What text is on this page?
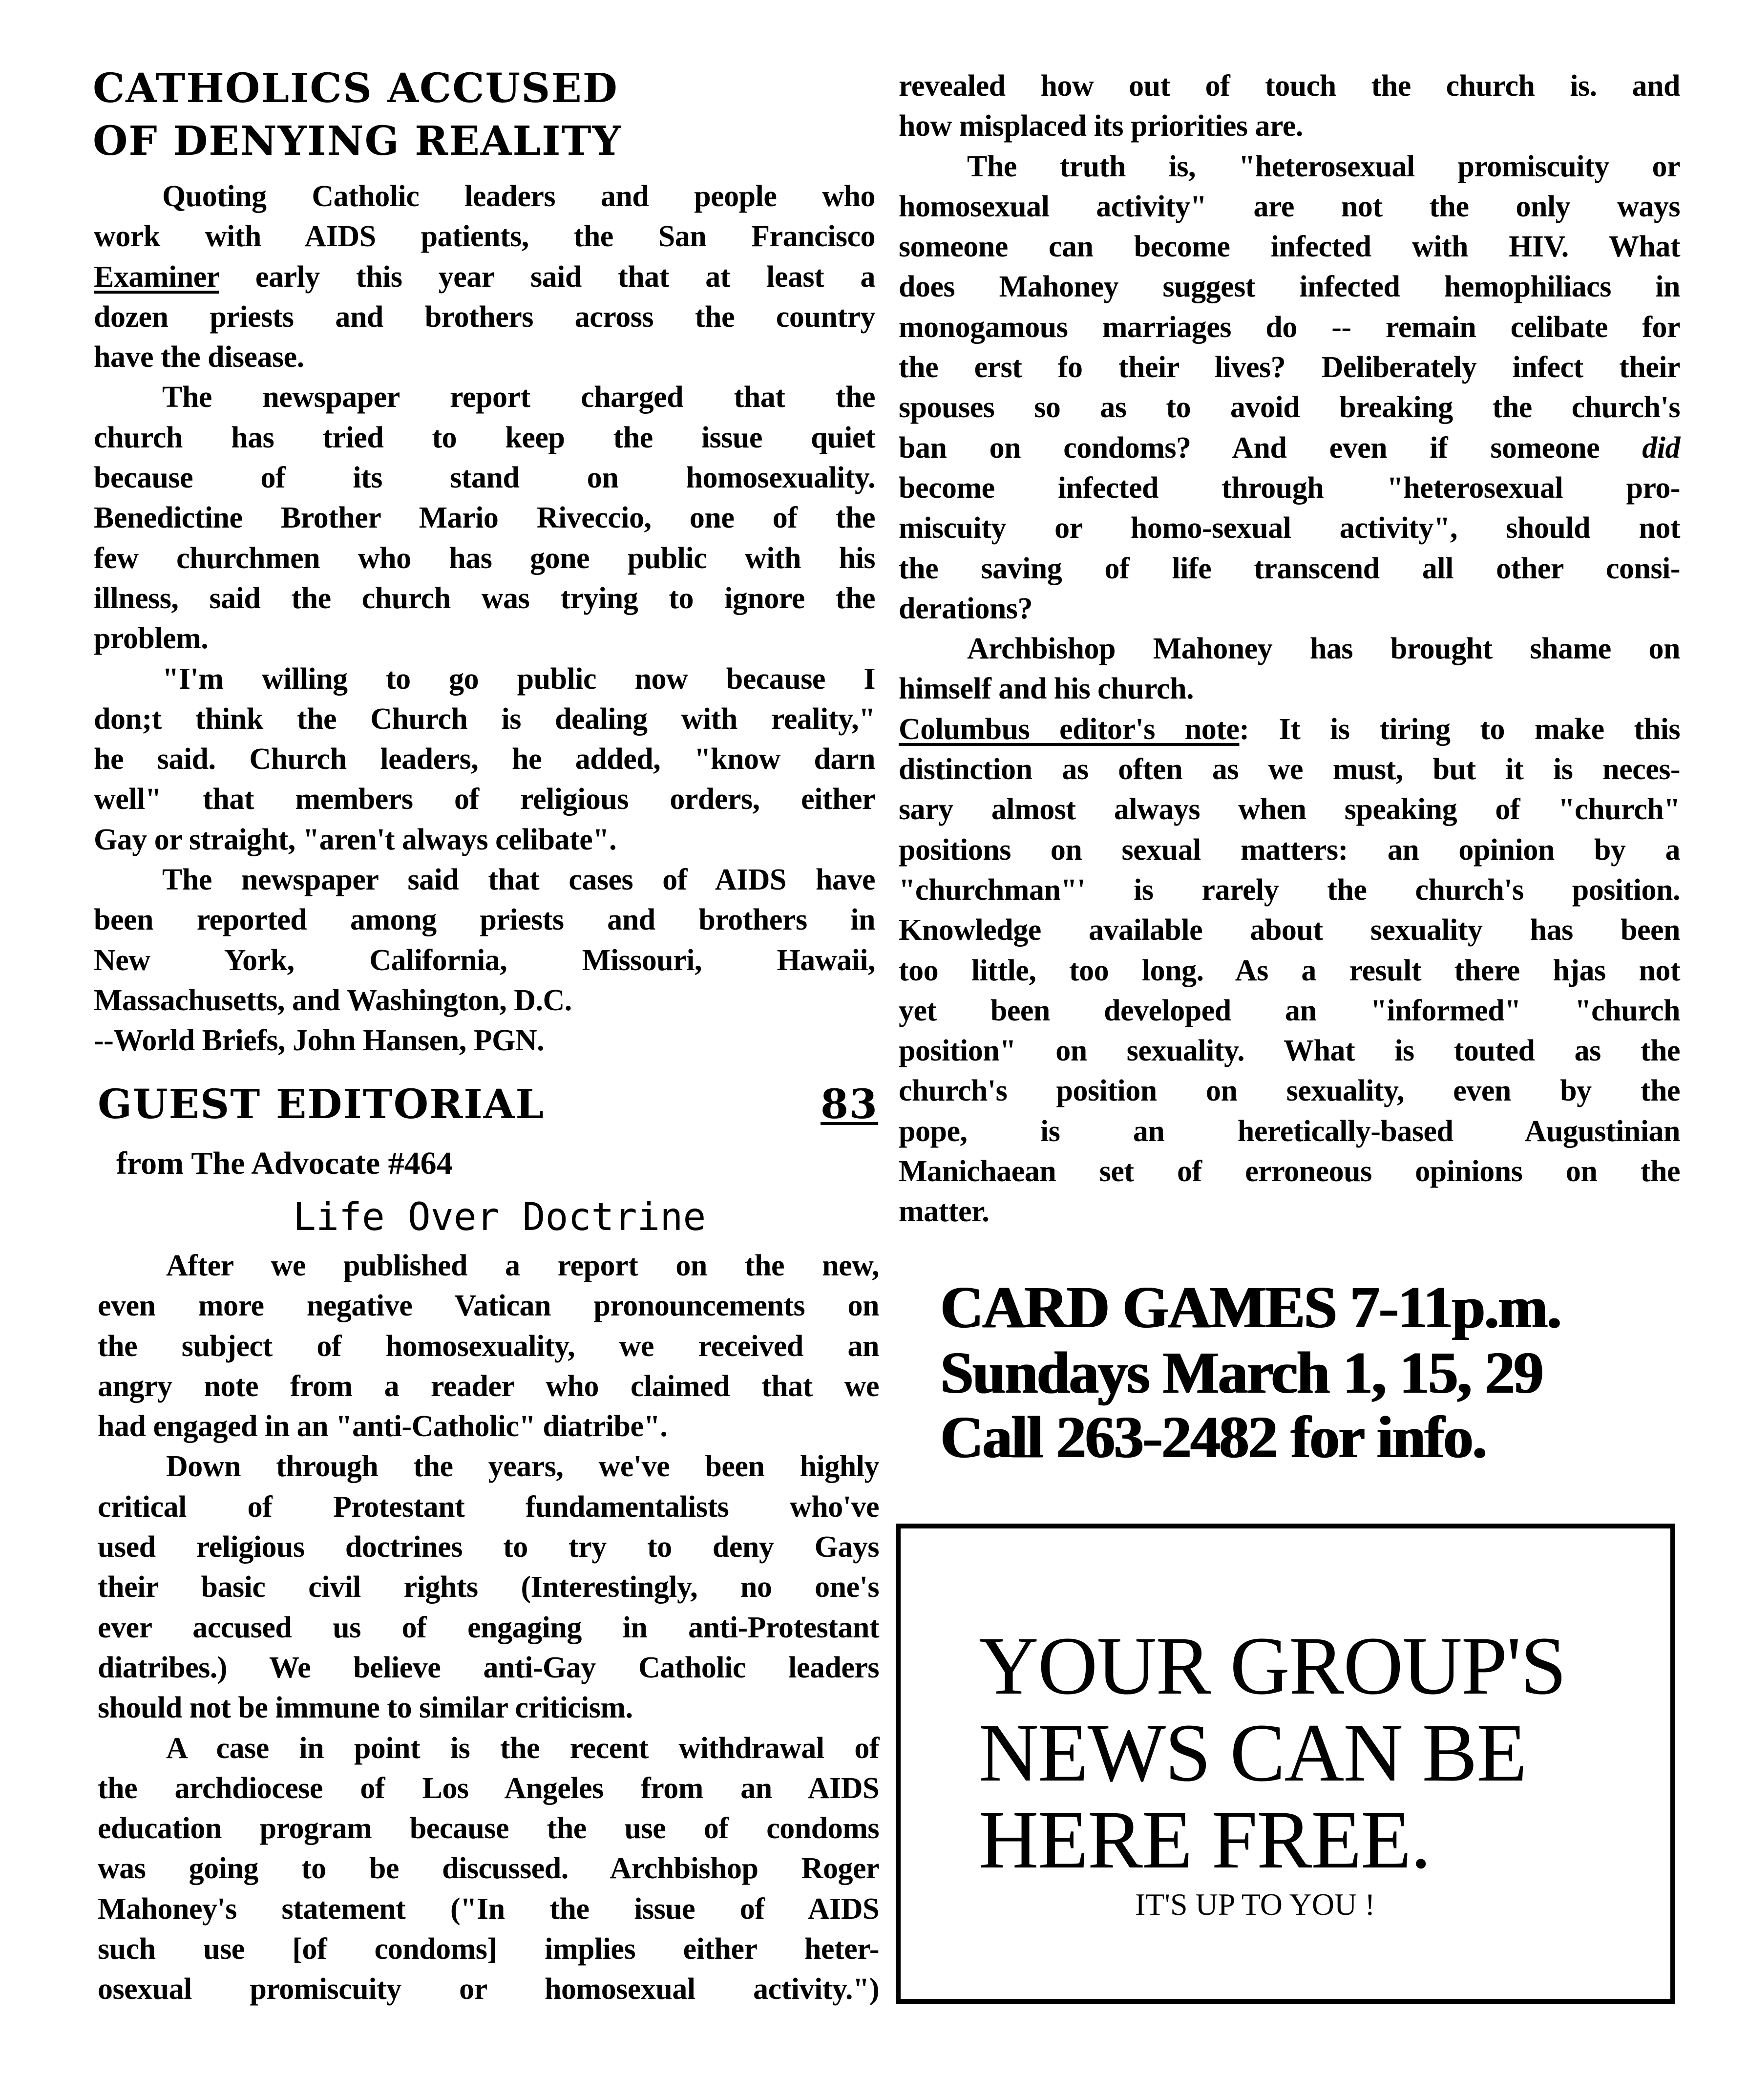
CATHOLICS ACCUSED
OF DENYING REALITY
Quoting Catholic leaders and people who
work with AIDS patients, the San Francisco
Examiner early this year said that at least a
dozen priests and brothers across the country
have the disease.
The newspaper report charged that the
church has tried to keep the issue quiet
because of its stand on homosexuality.
Benedictine Brother Mario Riveccio, one of the
few churchmen who has gone public with his
illness, said the church was trying to ignore the
problem.
"I'm willing to go public now because I
don;t think the Church is dealing with reality,"
he said. Church leaders, he added, "know darn
well" that members of religious orders, either
Gay or straight, "aren't always celibate".
The newspaper said that cases of AIDS have
been reported among priests and brothers in
New York, California, Missouri, Hawaii,
Massachusetts, and Washington, D.C.
--World Briefs, John Hansen, PGN.
GUEST EDITORIAL	83
from The Advocate #464
Life Over Doctrine
After we published a report on the new,
even more negative Vatican pronouncements on
the subject of homosexuality, we received an
angry note from a reader who claimed that we
had engaged in an "anti-Catholic" diatribe".
Down through the years, we've been highly
critical of Protestant fundamentalists who've
used religious doctrines to try to deny Gays
their basic civil rights (Interestingly, no one's
ever accused us of engaging in anti-Protestant
diatribes.) We believe anti-Gay Catholic leaders
should not be immune to similar criticism.
A case in point is the recent withdrawal of
the archdiocese of Los Angeles from an AIDS
education program because the use of condoms
was going to be discussed. Archbishop Roger
Mahoney's statement ("In the issue of AIDS
such use [of condoms] implies either heter-
osexual promiscuity or homosexual activity.")
revealed how out of touch the church is. and
how misplaced its priorities are.
The truth is, "heterosexual promiscuity or
homosexual activity" are not the only ways
someone can become infected with HIV. What
does Mahoney suggest infected hemophiliacs in
monogamous marriages do -- remain celibate for
the erst fo their lives? Deliberately infect their
spouses so as to avoid breaking the church's
ban on condoms? And even if someone did
become infected through "heterosexual pro-
miscuity or homo-sexual activity", should not
the saving of life transcend all other consi-
derations?
Archbishop Mahoney has brought shame on
himself and his church.
Columbus editor's note: It is tiring to make this
distinction as often as we must, but it is neces-
sary almost always when speaking of "church"
positions on sexual matters: an opinion by a
"churchman"' is rarely the church's position.
Knowledge available about sexuality has been
too little, too long. As a result there hjas not
yet been developed an "informed" "church
position" on sexuality. What is touted as the
church's position on sexuality, even by the
pope, is an heretically-based Augustinian
Manichaean set of erroneous opinions on the
matter.
CARD GAMES 7-11p.m.
Sundays March 1, 15, 29
Call 263-2482 for info.
YOUR GROUP'S
NEWS CAN BE
HERE FREE.
IT'S UP TO YOU !
